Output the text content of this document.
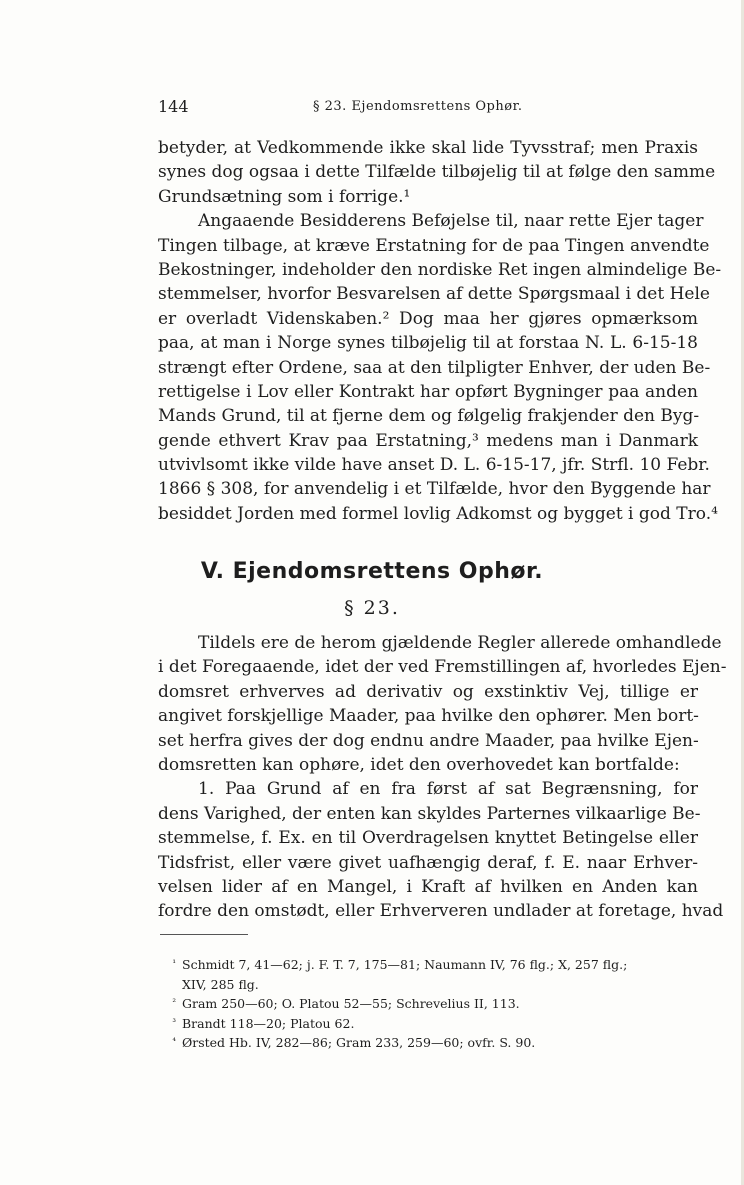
144	§ 23. Ejendomsrettens Ophør.
betyder, at Vedkommende ikke skal lide Tyvsstraf; men Praxis
synes dog ogsaa i dette Tilfælde tilbøjelig til at følge den samme
Grundsætning som i forrige.¹
Angaaende Besidderens Beføjelse til, naar rette Ejer tager
Tingen tilbage, at kræve Erstatning for de paa Tingen anvendte
Bekostninger, indeholder den nordiske Ret ingen almindelige Be-
stemmelser, hvorfor Besvarelsen af dette Spørgsmaal i det Hele
er overladt Videnskaben.² Dog maa her gjøres opmærksom
paa, at man i Norge synes tilbøjelig til at forstaa N. L. 6-15-18
strængt efter Ordene, saa at den tilpligter Enhver, der uden Be-
rettigelse i Lov eller Kontrakt har opført Bygninger paa anden
Mands Grund, til at fjerne dem og følgelig frakjender den Byg-
gende ethvert Krav paa Erstatning,³ medens man i Danmark
utvivlsomt ikke vilde have anset D. L. 6-15-17, jfr. Strfl. 10 Febr.
1866 § 308, for anvendelig i et Tilfælde, hvor den Byggende har
besiddet Jorden med formel lovlig Adkomst og bygget i god Tro.⁴
V. Ejendomsrettens Ophør.
§ 23.
Tildels ere de herom gjældende Regler allerede omhandlede
i det Foregaaende, idet der ved Fremstillingen af, hvorledes Ejen-
domsret erhverves ad derivativ og exstinktiv Vej, tillige er
angivet forskjellige Maader, paa hvilke den ophører. Men bort-
set herfra gives der dog endnu andre Maader, paa hvilke Ejen-
domsretten kan ophøre, idet den overhovedet kan bortfalde:
1. Paa Grund af en fra først af sat Begrænsning, for
dens Varighed, der enten kan skyldes Parternes vilkaarlige Be-
stemmelse, f. Ex. en til Overdragelsen knyttet Betingelse eller
Tidsfrist, eller være givet uafhængig deraf, f. E. naar Erhver-
velsen lider af en Mangel, i Kraft af hvilken en Anden kan
fordre den omstødt, eller Erhververen undlader at foretage, hvad
¹ Schmidt 7, 41—62; j. F. T. 7, 175—81; Naumann IV, 76 flg.; X, 257 flg.;
XIV, 285 flg.
² Gram 250—60; O. Platou 52—55; Schrevelius II, 113.
³ Brandt 118—20; Platou 62.
⁴ Ørsted Hb. IV, 282—86; Gram 233, 259—60; ovfr. S. 90.
